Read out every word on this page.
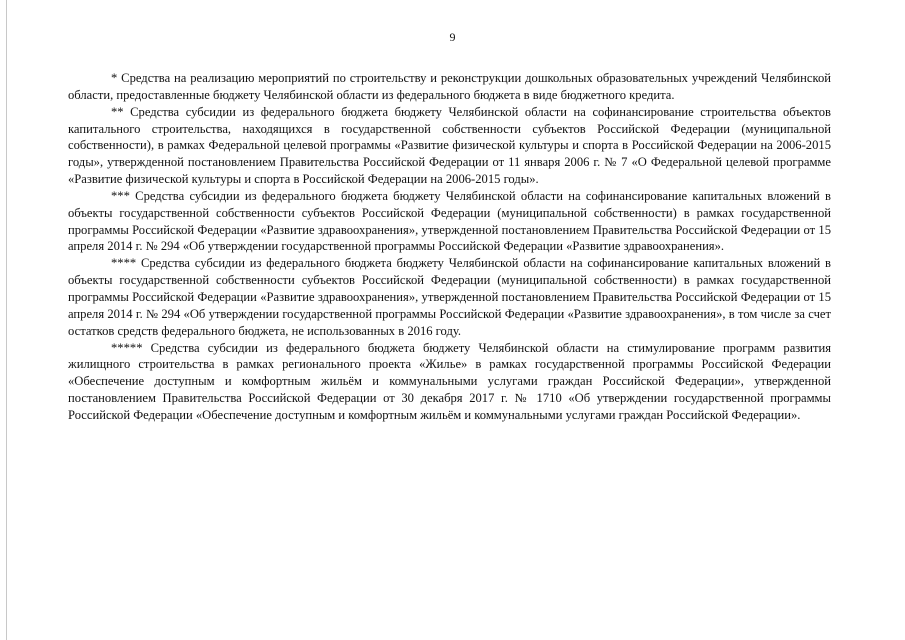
9

* Средства на реализацию мероприятий по строительству и реконструкции дошкольных образовательных учреждений Челябинской области, предоставленные бюджету Челябинской области из федерального бюджета в виде бюджетного кредита.

** Средства субсидии из федерального бюджета бюджету Челябинской области на софинансирование строительства объектов капитального строительства, находящихся в государственной собственности субъектов Российской Федерации (муниципальной собственности), в рамках Федеральной целевой программы «Развитие физической культуры и спорта в Российской Федерации на 2006-2015 годы», утвержденной постановлением Правительства Российской Федерации от 11 января 2006 г. № 7 «О Федеральной целевой программе «Развитие физической культуры и спорта в Российской Федерации на 2006-2015 годы».

*** Средства субсидии из федерального бюджета бюджету Челябинской области на софинансирование капитальных вложений в объекты государственной собственности субъектов Российской Федерации (муниципальной собственности) в рамках государственной программы Российской Федерации «Развитие здравоохранения», утвержденной постановлением Правительства Российской Федерации от 15 апреля 2014 г. № 294 «Об утверждении государственной программы Российской Федерации «Развитие здравоохранения».

**** Средства субсидии из федерального бюджета бюджету Челябинской области на софинансирование капитальных вложений в объекты государственной собственности субъектов Российской Федерации (муниципальной собственности) в рамках государственной программы Российской Федерации «Развитие здравоохранения», утвержденной постановлением Правительства Российской Федерации от 15 апреля 2014 г. № 294 «Об утверждении государственной программы Российской Федерации «Развитие здравоохранения», в том числе за счет остатков средств федерального бюджета, не использованных в 2016 году.

***** Средства субсидии из федерального бюджета бюджету Челябинской области на стимулирование программ развития жилищного строительства в рамках регионального проекта «Жилье» в рамках государственной программы Российской Федерации «Обеспечение доступным и комфортным жильём и коммунальными услугами граждан Российской Федерации», утвержденной постановлением Правительства Российской Федерации от 30 декабря 2017 г. № 1710 «Об утверждении государственной программы Российской Федерации «Обеспечение доступным и комфортным жильём и коммунальными услугами граждан Российской Федерации».
